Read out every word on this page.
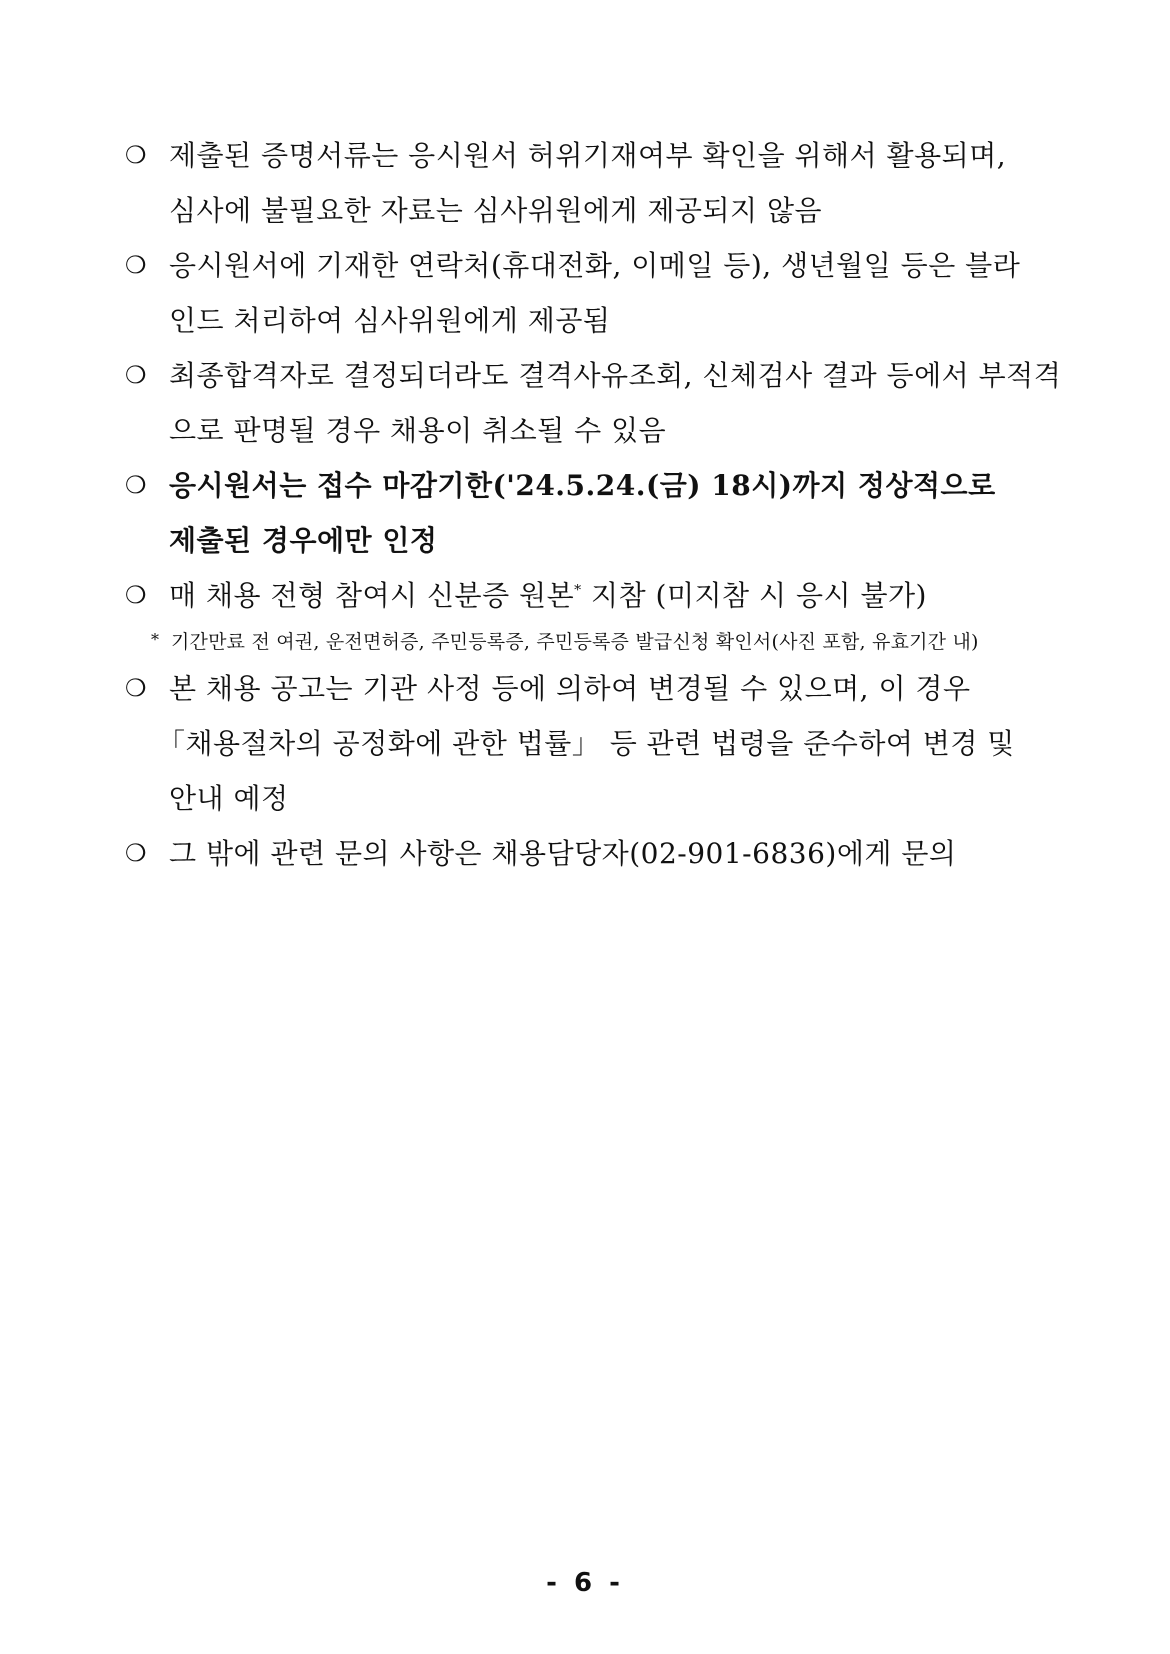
❍ 제출된 증명서류는 응시원서 허위기재여부 확인을 위해서 활용되며,
심사에 불필요한 자료는 심사위원에게 제공되지 않음
❍ 응시원서에 기재한 연락처(휴대전화, 이메일 등), 생년월일 등은 블라
인드 처리하여 심사위원에게 제공됨
❍ 최종합격자로 결정되더라도 결격사유조회, 신체검사 결과 등에서 부적격
으로 판명될 경우 채용이 취소될 수 있음
❍ 응시원서는 접수 마감기한('24.5.24.(금) 18시)까지 정상적으로
제출된 경우에만 인정
❍ 매 채용 전형 참여시 신분증 원본* 지참 (미지참 시 응시 불가)
* 기간만료 전 여권, 운전면허증, 주민등록증, 주민등록증 발급신청 확인서(사진 포함, 유효기간 내)
❍ 본 채용 공고는 기관 사정 등에 의하여 변경될 수 있으며, 이 경우
「채용절차의 공정화에 관한 법률」 등 관련 법령을 준수하여 변경 및
안내 예정
❍ 그 밖에 관련 문의 사항은 채용담당자(02-901-6836)에게 문의
- 6 -
